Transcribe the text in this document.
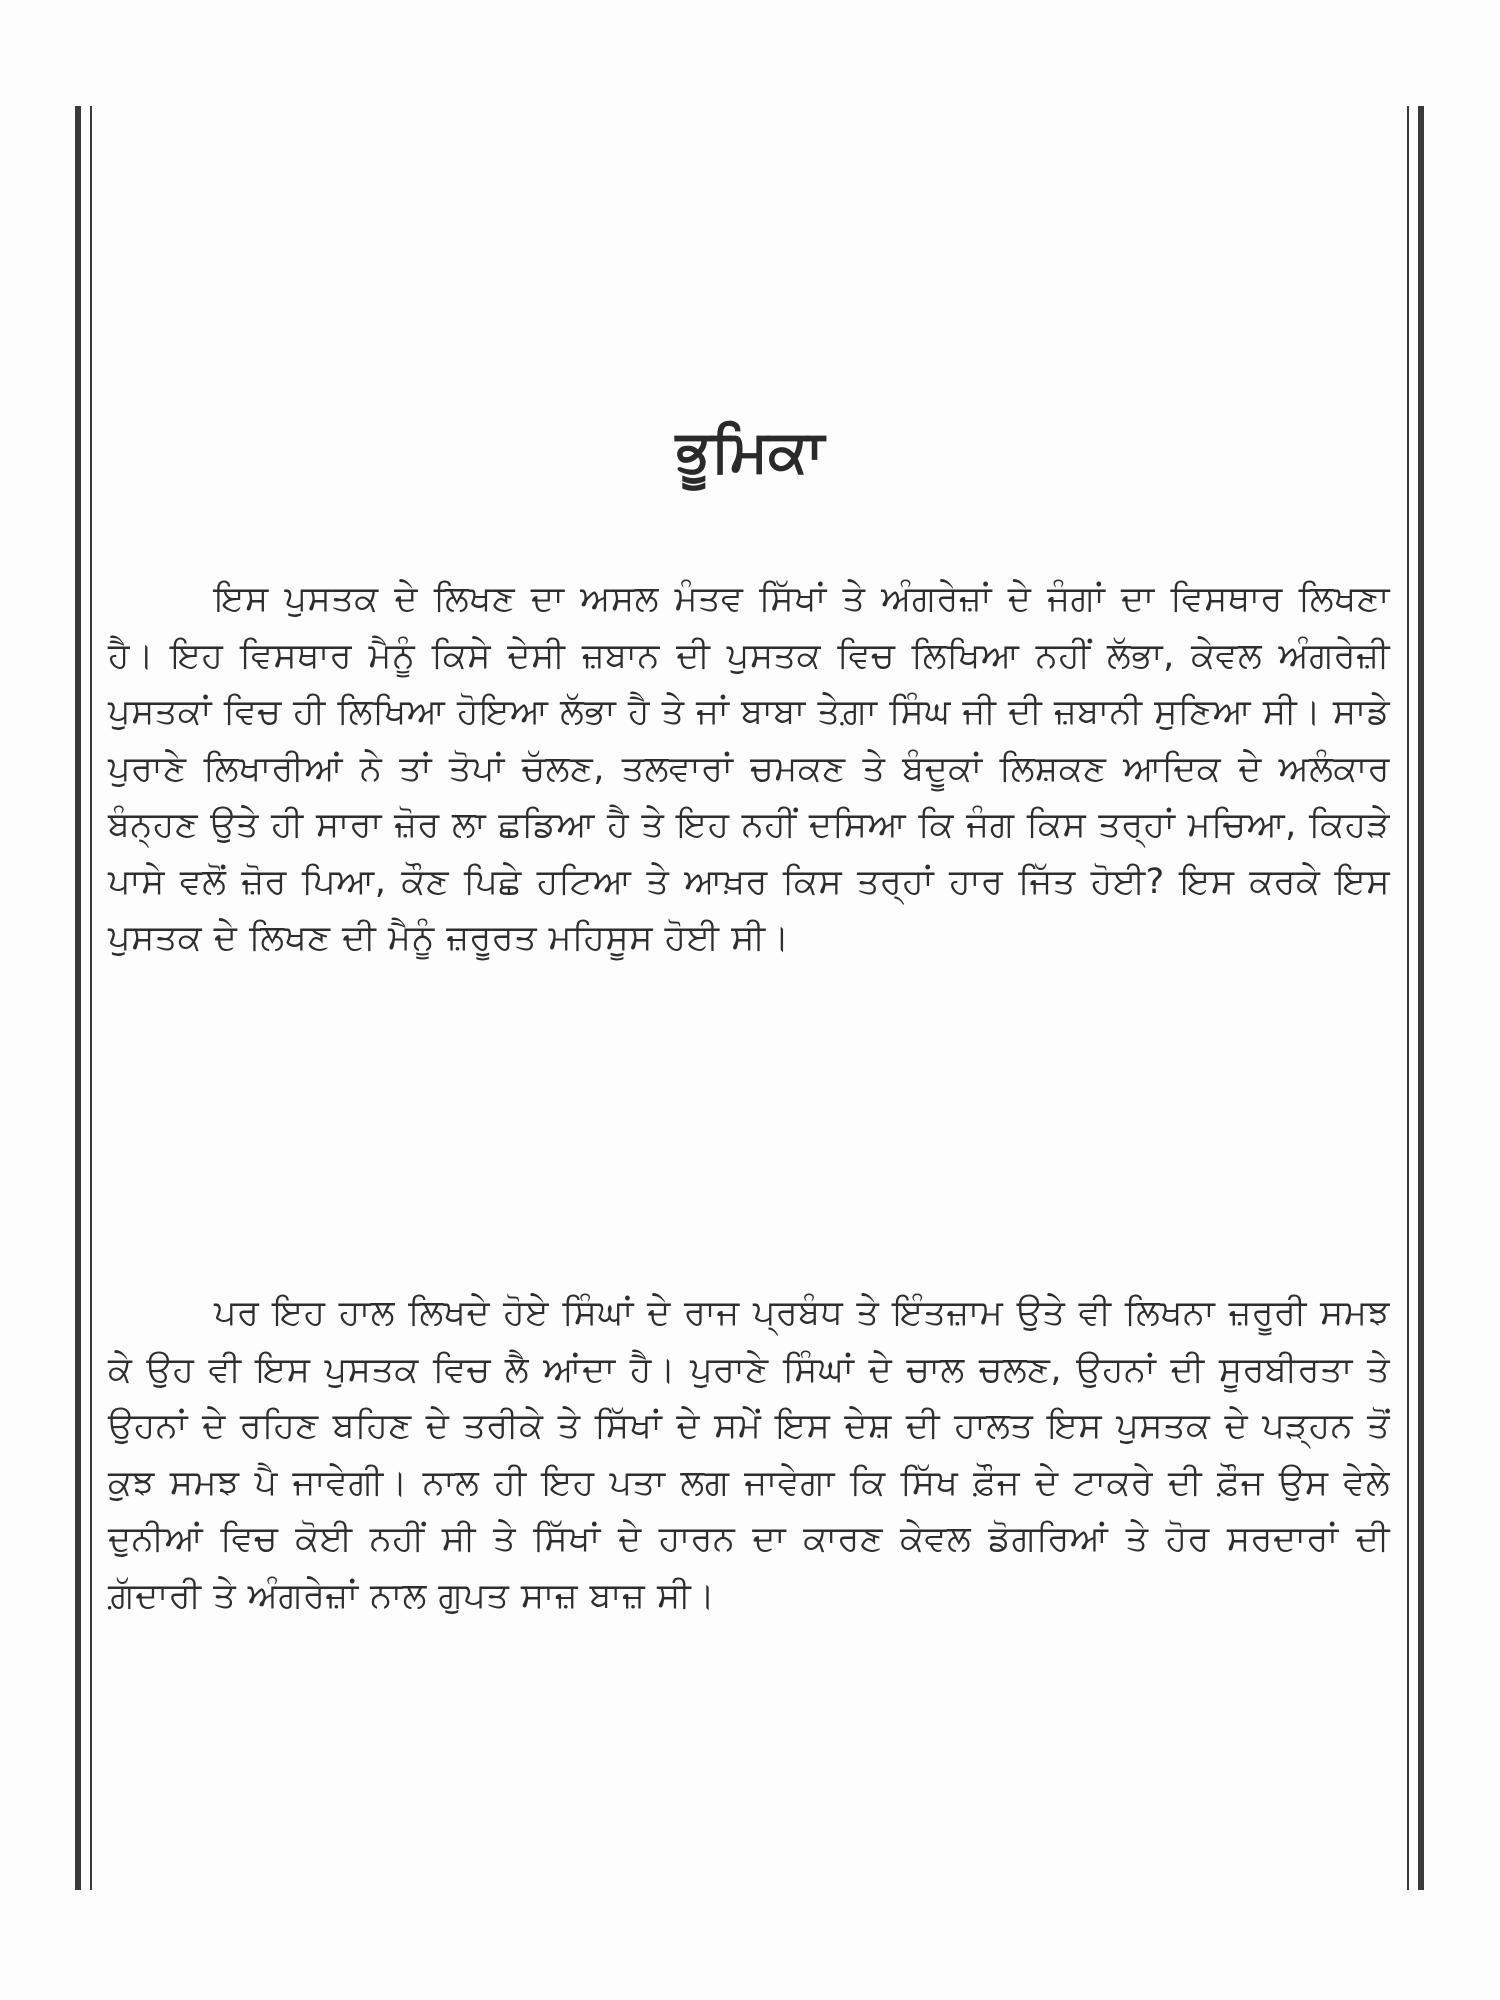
ਭੂਮਿਕਾ

ਇਸ ਪੁਸਤਕ ਦੇ ਲਿਖਣ ਦਾ ਅਸਲ ਮੰਤਵ ਸਿੱਖਾਂ ਤੇ ਅੰਗਰੇਜ਼ਾਂ ਦੇ ਜੰਗਾਂ ਦਾ ਵਿਸਥਾਰ ਲਿਖਣਾ ਹੈ। ਇਹ ਵਿਸਥਾਰ ਮੈਨੂੰ ਕਿਸੇ ਦੇਸੀ ਜ਼ਬਾਨ ਦੀ ਪੁਸਤਕ ਵਿਚ ਲਿਖਿਆ ਨਹੀਂ ਲੱਭਾ, ਕੇਵਲ ਅੰਗਰੇਜ਼ੀ ਪੁਸਤਕਾਂ ਵਿਚ ਹੀ ਲਿਖਿਆ ਹੋਇਆ ਲੱਭਾ ਹੈ ਤੇ ਜਾਂ ਬਾਬਾ ਤੇਗ਼ਾ ਸਿੰਘ ਜੀ ਦੀ ਜ਼ਬਾਨੀ ਸੁਣਿਆ ਸੀ। ਸਾਡੇ ਪੁਰਾਣੇ ਲਿਖਾਰੀਆਂ ਨੇ ਤਾਂ ਤੋਪਾਂ ਚੱਲਣ, ਤਲਵਾਰਾਂ ਚਮਕਣ ਤੇ ਬੰਦੂਕਾਂ ਲਿਸ਼ਕਣ ਆਦਿਕ ਦੇ ਅਲੰਕਾਰ ਬੰਨ੍ਹਣ ਉਤੇ ਹੀ ਸਾਰਾ ਜ਼ੋਰ ਲਾ ਛਡਿਆ ਹੈ ਤੇ ਇਹ ਨਹੀਂ ਦਸਿਆ ਕਿ ਜੰਗ ਕਿਸ ਤਰ੍ਹਾਂ ਮਚਿਆ, ਕਿਹੜੇ ਪਾਸੇ ਵਲੋਂ ਜ਼ੋਰ ਪਿਆ, ਕੌਣ ਪਿਛੇ ਹਟਿਆ ਤੇ ਆਖ਼ਰ ਕਿਸ ਤਰ੍ਹਾਂ ਹਾਰ ਜਿੱਤ ਹੋਈ? ਇਸ ਕਰਕੇ ਇਸ ਪੁਸਤਕ ਦੇ ਲਿਖਣ ਦੀ ਮੈਨੂੰ ਜ਼ਰੂਰਤ ਮਹਿਸੂਸ ਹੋਈ ਸੀ।

ਪਰ ਇਹ ਹਾਲ ਲਿਖਦੇ ਹੋਏ ਸਿੰਘਾਂ ਦੇ ਰਾਜ ਪ੍ਰਬੰਧ ਤੇ ਇੰਤਜ਼ਾਮ ਉਤੇ ਵੀ ਲਿਖਨਾ ਜ਼ਰੂਰੀ ਸਮਝ ਕੇ ਉਹ ਵੀ ਇਸ ਪੁਸਤਕ ਵਿਚ ਲੈ ਆਂਦਾ ਹੈ। ਪੁਰਾਣੇ ਸਿੰਘਾਂ ਦੇ ਚਾਲ ਚਲਣ, ਉਹਨਾਂ ਦੀ ਸੂਰਬੀਰਤਾ ਤੇ ਉਹਨਾਂ ਦੇ ਰਹਿਣ ਬਹਿਣ ਦੇ ਤਰੀਕੇ ਤੇ ਸਿੱਖਾਂ ਦੇ ਸਮੇਂ ਇਸ ਦੇਸ਼ ਦੀ ਹਾਲਤ ਇਸ ਪੁਸਤਕ ਦੇ ਪੜ੍ਹਨ ਤੋਂ ਕੁਝ ਸਮਝ ਪੈ ਜਾਵੇਗੀ। ਨਾਲ ਹੀ ਇਹ ਪਤਾ ਲਗ ਜਾਵੇਗਾ ਕਿ ਸਿੱਖ ਫ਼ੌਜ ਦੇ ਟਾਕਰੇ ਦੀ ਫ਼ੌਜ ਉਸ ਵੇਲੇ ਦੁਨੀਆਂ ਵਿਚ ਕੋਈ ਨਹੀਂ ਸੀ ਤੇ ਸਿੱਖਾਂ ਦੇ ਹਾਰਨ ਦਾ ਕਾਰਣ ਕੇਵਲ ਡੋਗਰਿਆਂ ਤੇ ਹੋਰ ਸਰਦਾਰਾਂ ਦੀ ਗ਼ੱਦਾਰੀ ਤੇ ਅੰਗਰੇਜ਼ਾਂ ਨਾਲ ਗੁਪਤ ਸਾਜ਼ ਬਾਜ਼ ਸੀ।
